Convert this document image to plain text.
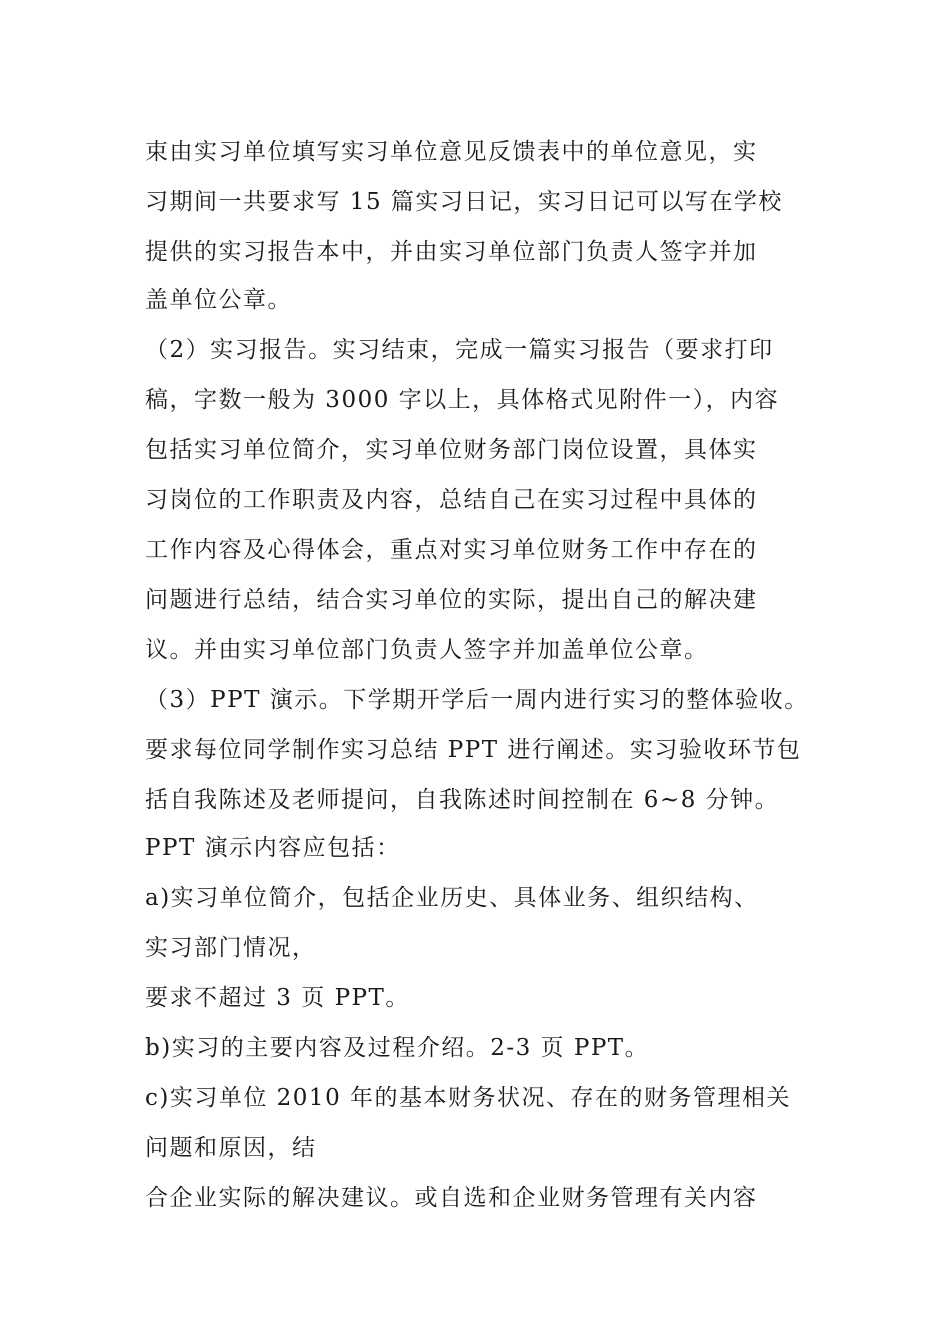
束由实习单位填写实习单位意见反馈表中的单位意见，实
习期间一共要求写 15 篇实习日记，实习日记可以写在学校
提供的实习报告本中，并由实习单位部门负责人签字并加
盖单位公章。
（2）实习报告。实习结束，完成一篇实习报告（要求打印
稿，字数一般为 3000 字以上，具体格式见附件一），内容
包括实习单位简介，实习单位财务部门岗位设置，具体实
习岗位的工作职责及内容，总结自己在实习过程中具体的
工作内容及心得体会，重点对实习单位财务工作中存在的
问题进行总结，结合实习单位的实际，提出自己的解决建
议。并由实习单位部门负责人签字并加盖单位公章。
（3）PPT 演示。下学期开学后一周内进行实习的整体验收。
要求每位同学制作实习总结 PPT 进行阐述。实习验收环节包
括自我陈述及老师提问，自我陈述时间控制在 6~8 分钟。
PPT 演示内容应包括：
a)实习单位简介，包括企业历史、具体业务、组织结构、
实习部门情况，
要求不超过 3 页 PPT。
b)实习的主要内容及过程介绍。2-3 页 PPT。
c)实习单位 2010 年的基本财务状况、存在的财务管理相关
问题和原因，结
合企业实际的解决建议。或自选和企业财务管理有关内容
